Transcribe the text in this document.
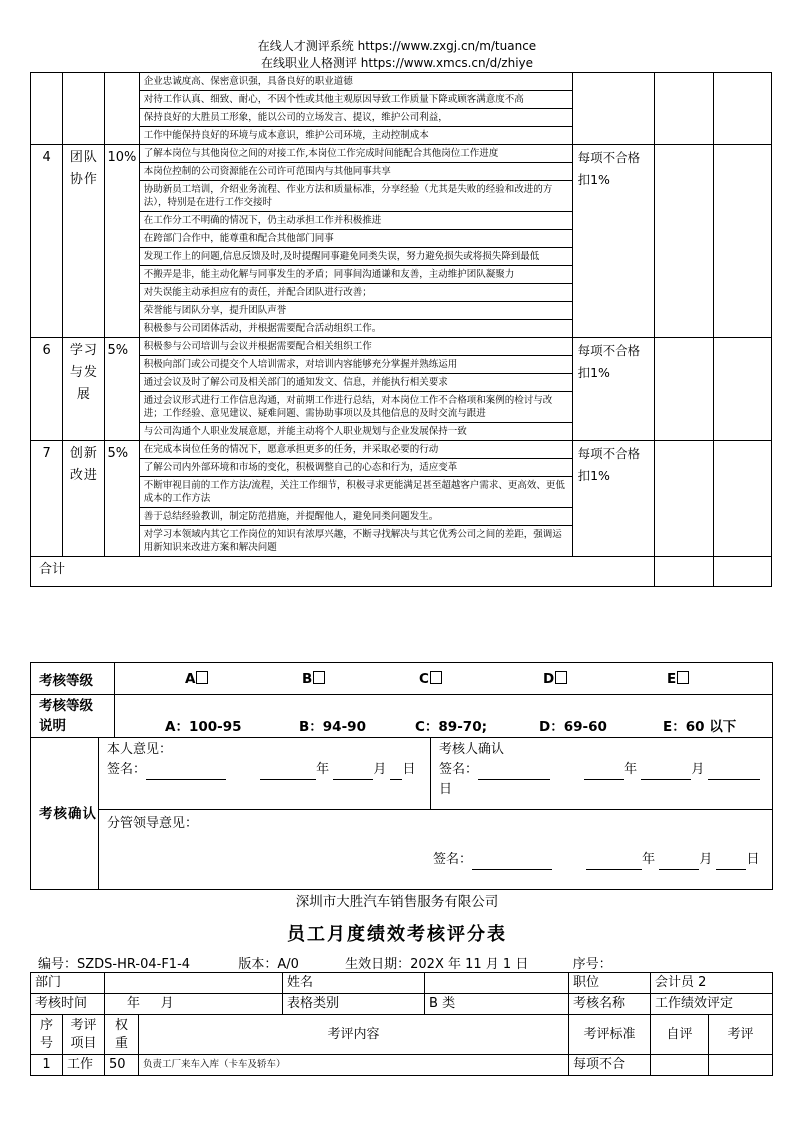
在线人才测评系统 https://www.zxgj.cn/m/tuance
在线职业人格测评 https://www.xmcs.cn/d/zhiye
			企业忠诚度高、保密意识强，具备良好的职业道德			
			对待工作认真、细致、耐心，不因个性或其他主观原因导致工作质量下降或顾客满意度不高			
			保持良好的大胜员工形象，能以公司的立场发言、提议，维护公司利益，			
			工作中能保持良好的环境与成本意识，维护公司环境，主动控制成本			
4	团队协作	10%	了解本岗位与其他岗位之间的对接工作,本岗位工作完成时间能配合其他岗位工作进度	每项不合格扣1%		
			本岗位控制的公司资源能在公司许可范围内与其他同事共享			
			协助新员工培训，介绍业务流程、作业方法和质量标准，分享经验（尤其是失败的经验和改进的方法），特别是在进行工作交接时			
			在工作分工不明确的情况下，仍主动承担工作并积极推进			
			在跨部门合作中，能尊重和配合其他部门同事			
			发现工作上的问题,信息反馈及时,及时提醒同事避免同类失误，努力避免损失或将损失降到最低			
			不搬弄是非，能主动化解与同事发生的矛盾；同事间沟通谦和友善，主动维护团队凝聚力			
			对失误能主动承担应有的责任，并配合团队进行改善；			
			荣誉能与团队分享，提升团队声誉			
			积极参与公司团体活动，并根据需要配合活动组织工作。			
6	学习与发展	5%	积极参与公司培训与会议并根据需要配合相关组织工作	每项不合格扣1%		
			积极向部门或公司提交个人培训需求，对培训内容能够充分掌握并熟练运用			
			通过会议及时了解公司及相关部门的通知发文、信息，并能执行相关要求			
			通过会议形式进行工作信息沟通，对前期工作进行总结，对本岗位工作不合格项和案例的检讨与改进；工作经验、意见建议、疑难问题、需协助事项以及其他信息的及时交流与跟进			
			与公司沟通个人职业发展意愿，并能主动将个人职业规划与企业发展保持一致			
7	创新改进	5%	在完成本岗位任务的情况下，愿意承担更多的任务，并采取必要的行动	每项不合格扣1%		
			了解公司内外部环境和市场的变化，积极调整自己的心态和行为，适应变革			
			不断审视目前的工作方法/流程，关注工作细节，积极寻求更能满足甚至超越客户需求、更高效、更低成本的工作方法			
			善于总结经验教训，制定防范措施，并提醒他人，避免同类问题发生。			
			对学习本领域内其它工作岗位的知识有浓厚兴趣，不断寻找解决与其它优秀公司之间的差距，强调运用新知识来改进方案和解决问题			
合计						
考核等级	A B C D E

考核等级说明	A：100-95 B：94-90 C：89-70; D：69-60 E：60 以下
考核确认	
本人意见：
签名：	年	月 日

考核人确认
签名：	年	月 日

分管领导意见：
签名：	年	月	日
深圳市大胜汽车销售服务有限公司
员工月度绩效考核评分表
编号：SZDS-HR-04-F1-4	版本：A/0	生效日期：202X 年 11 月 1 日	序号：
部门				姓名		职位	会计员 2	
考核时间		年     月		表格类别	B 类	考核名称	工作绩效评定	
序号	考评项目	权重	考评内容			考评标准	自评	考评
1	工作	50	负责工厂来车入库（卡车及轿车）			每项不合		
